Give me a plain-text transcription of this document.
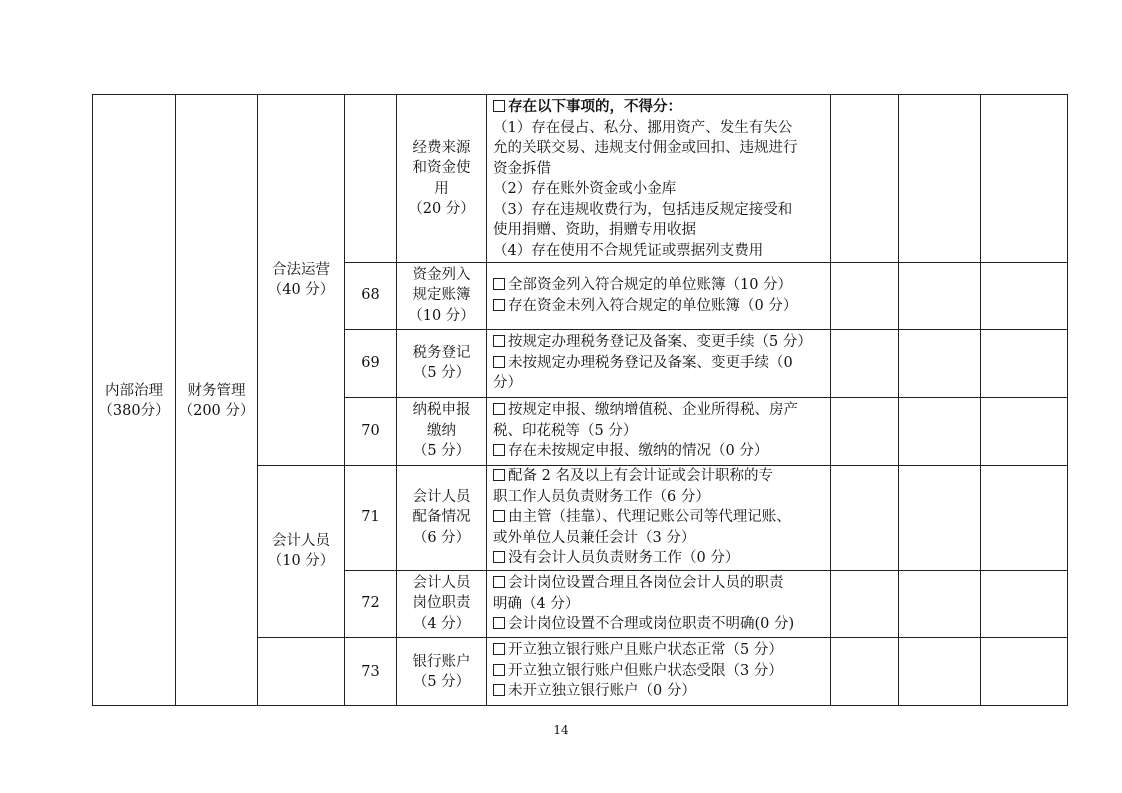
内部治理
（380分）
财务管理
（200 分）
合法运营
（40 分）
会计人员
（10 分）
经费来源
和资金使
用
（20 分）
存在以下事项的，不得分：
（1）存在侵占、私分、挪用资产、发生有失公
允的关联交易、违规支付佣金或回扣、违规进行
资金拆借
（2）存在账外资金或小金库
（3）存在违规收费行为，包括违反规定接受和
使用捐赠、资助，捐赠专用收据
（4）存在使用不合规凭证或票据列支费用
68
资金列入
规定账簿
（10 分）
全部资金列入符合规定的单位账簿（10 分）
存在资金未列入符合规定的单位账簿（0 分）
69
税务登记
（5 分）
按规定办理税务登记及备案、变更手续（5 分）
未按规定办理税务登记及备案、变更手续（0
分）
70
纳税申报
缴纳
（5 分）
按规定申报、缴纳增值税、企业所得税、房产
税、印花税等（5 分）
存在未按规定申报、缴纳的情况（0 分）
71
会计人员
配备情况
（6 分）
配备 2 名及以上有会计证或会计职称的专
职工作人员负责财务工作（6 分）
由主管（挂靠）、代理记账公司等代理记账、
或外单位人员兼任会计（3 分）
没有会计人员负责财务工作（0 分）
72
会计人员
岗位职责
（4 分）
会计岗位设置合理且各岗位会计人员的职责
明确（4 分）
会计岗位设置不合理或岗位职责不明确(0 分)
73
银行账户
（5 分）
开立独立银行账户且账户状态正常（5 分）
开立独立银行账户但账户状态受限（3 分）
未开立独立银行账户（0 分）
14
